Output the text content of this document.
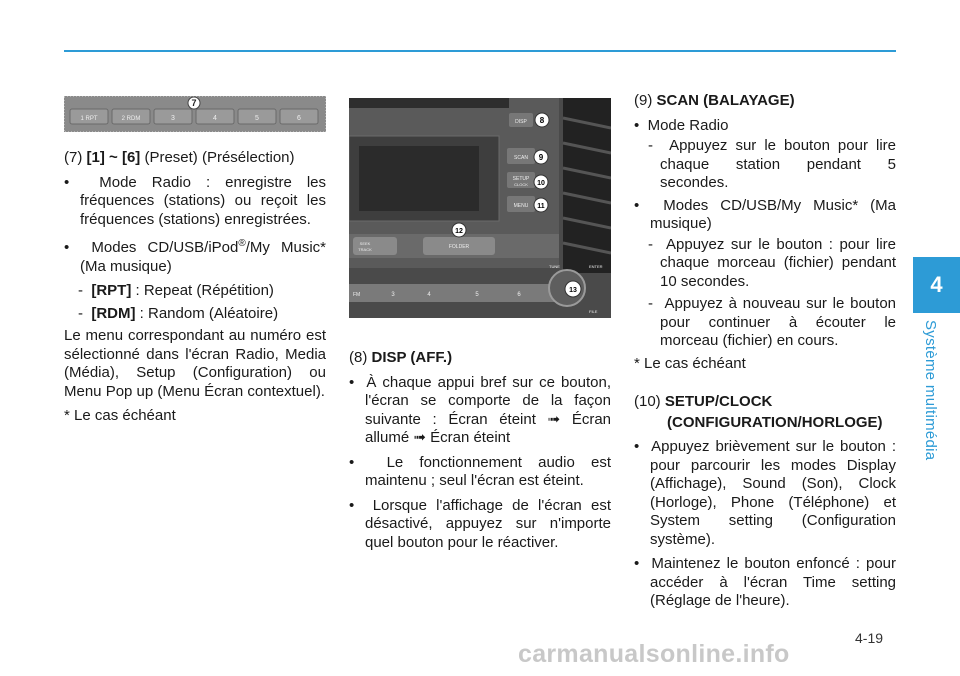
4
Système multimédia
1 RPT	2 RDM	3	4	5	6
7
DISP
SCAN
SETUP
CLOCK
MENU
SEEK
TRACK	FOLDER
FM	3	4	5	6
TUNE	ENTER
FILE
8
9
10
11
12
13

(7) [1] ~ [6] (Preset) (Présélection)

•  Mode Radio : enregistre les fréquences (stations) ou reçoit les fréquences (stations) enregistrées.
•  Modes CD/USB/iPod®/My Music* (Ma musique)
-  [RPT] : Repeat (Répétition)
-  [RDM] : Random (Aléatoire)

Le menu correspondant au numéro est sélectionné dans l'écran Radio, Media (Média), Setup (Configuration) ou Menu Pop up (Menu Écran contextuel).

* Le cas échéant

(8) DISP (AFF.)

•  À chaque appui bref sur ce bouton, l'écran se comporte de la façon suivante : Écran éteint ➟ Écran allumé ➟ Écran éteint
•  Le fonctionnement audio est maintenu ; seul l'écran est éteint.
•  Lorsque l'affichage de l'écran est désactivé, appuyez sur n'importe quel bouton pour le réactiver.

(9) SCAN (BALAYAGE)

•  Mode Radio
-  Appuyez sur le bouton pour lire chaque station pendant 5 secondes.
•  Modes CD/USB/My Music* (Ma musique)
-  Appuyez sur le bouton : pour lire chaque morceau (fichier) pendant 10 secondes.
-  Appuyez à nouveau sur le bouton pour continuer à écouter le morceau (fichier) en cours.

* Le cas échéant

(10) SETUP/CLOCK

(CONFIGURATION/HORLOGE)

•  Appuyez brièvement sur le bouton : pour parcourir les modes Display (Affichage), Sound (Son), Clock (Horloge), Phone (Téléphone) et System setting (Configuration système).
•  Maintenez le bouton enfoncé : pour accéder à l'écran Time setting (Réglage de l'heure).
4-19
carmanualsonline.info
